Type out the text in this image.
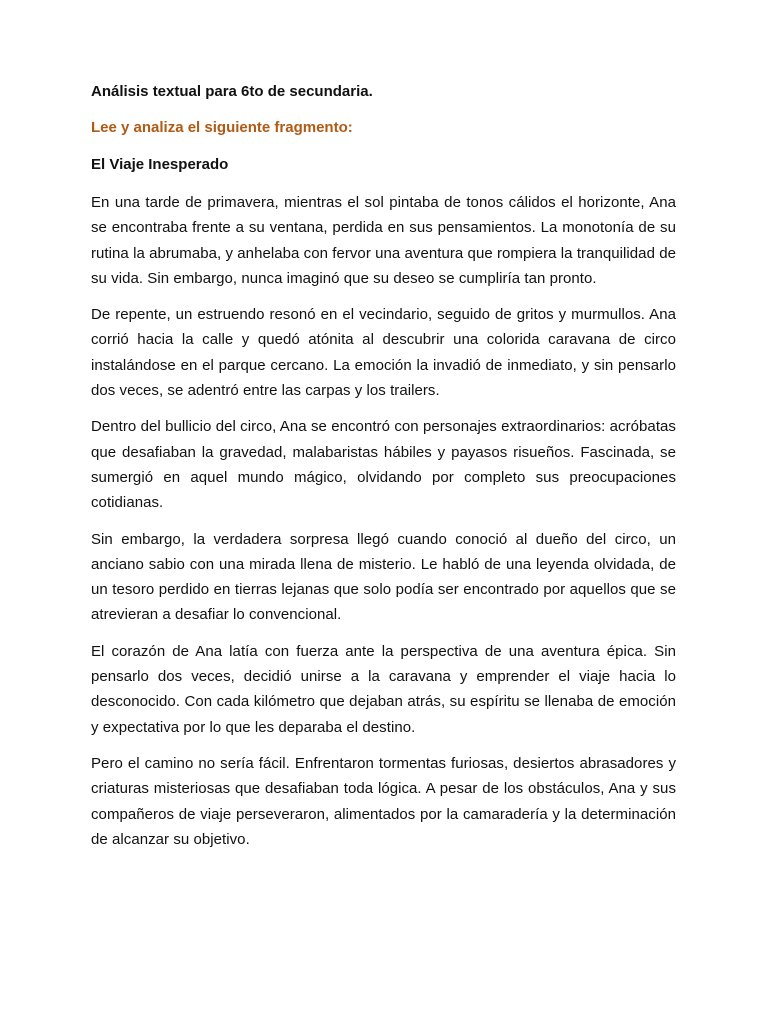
Análisis textual para 6to de secundaria.

Lee y analiza el siguiente fragmento:

El Viaje Inesperado

En una tarde de primavera, mientras el sol pintaba de tonos cálidos el horizonte, Ana se encontraba frente a su ventana, perdida en sus pensamientos. La monotonía de su rutina la abrumaba, y anhelaba con fervor una aventura que rompiera la tranquilidad de su vida. Sin embargo, nunca imaginó que su deseo se cumpliría tan pronto.

De repente, un estruendo resonó en el vecindario, seguido de gritos y murmullos. Ana corrió hacia la calle y quedó atónita al descubrir una colorida caravana de circo instalándose en el parque cercano. La emoción la invadió de inmediato, y sin pensarlo dos veces, se adentró entre las carpas y los trailers.

Dentro del bullicio del circo, Ana se encontró con personajes extraordinarios: acróbatas que desafiaban la gravedad, malabaristas hábiles y payasos risueños. Fascinada, se sumergió en aquel mundo mágico, olvidando por completo sus preocupaciones cotidianas.

Sin embargo, la verdadera sorpresa llegó cuando conoció al dueño del circo, un anciano sabio con una mirada llena de misterio. Le habló de una leyenda olvidada, de un tesoro perdido en tierras lejanas que solo podía ser encontrado por aquellos que se atrevieran a desafiar lo convencional.

El corazón de Ana latía con fuerza ante la perspectiva de una aventura épica. Sin pensarlo dos veces, decidió unirse a la caravana y emprender el viaje hacia lo desconocido. Con cada kilómetro que dejaban atrás, su espíritu se llenaba de emoción y expectativa por lo que les deparaba el destino.

Pero el camino no sería fácil. Enfrentaron tormentas furiosas, desiertos abrasadores y criaturas misteriosas que desafiaban toda lógica. A pesar de los obstáculos, Ana y sus compañeros de viaje perseveraron, alimentados por la camaradería y la determinación de alcanzar su objetivo.
